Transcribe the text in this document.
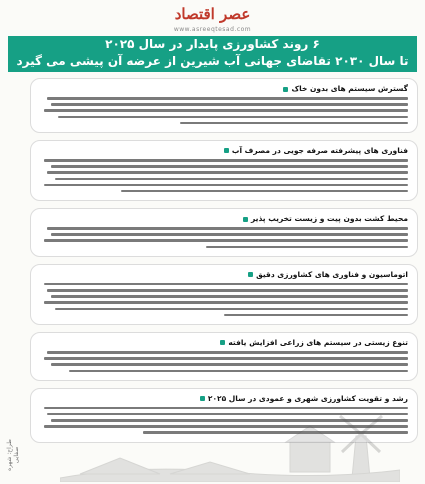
عصر اقتصاد
www.asreeqtesad.com
۶ روند کشاورزی پایدار در سال ۲۰۲۵
تا سال ۲۰۳۰ تقاضای جهانی آب شیرین از عرضه آن پیشی می گیرد
گسترش سیستم های بدون خاک
فناوری های پیشرفته صرفه جویی در مصرف آب
محیط کشت بدون پیت و زیست تخریب پذیر
اتوماسیون و فناوری های کشاورزی دقیق
تنوع زیستی در سیستم های زراعی افزایش یافته
رشد و تقویت کشاورزی شهری و عمودی در سال ۲۰۲۵
طراح: شهره صفایی
